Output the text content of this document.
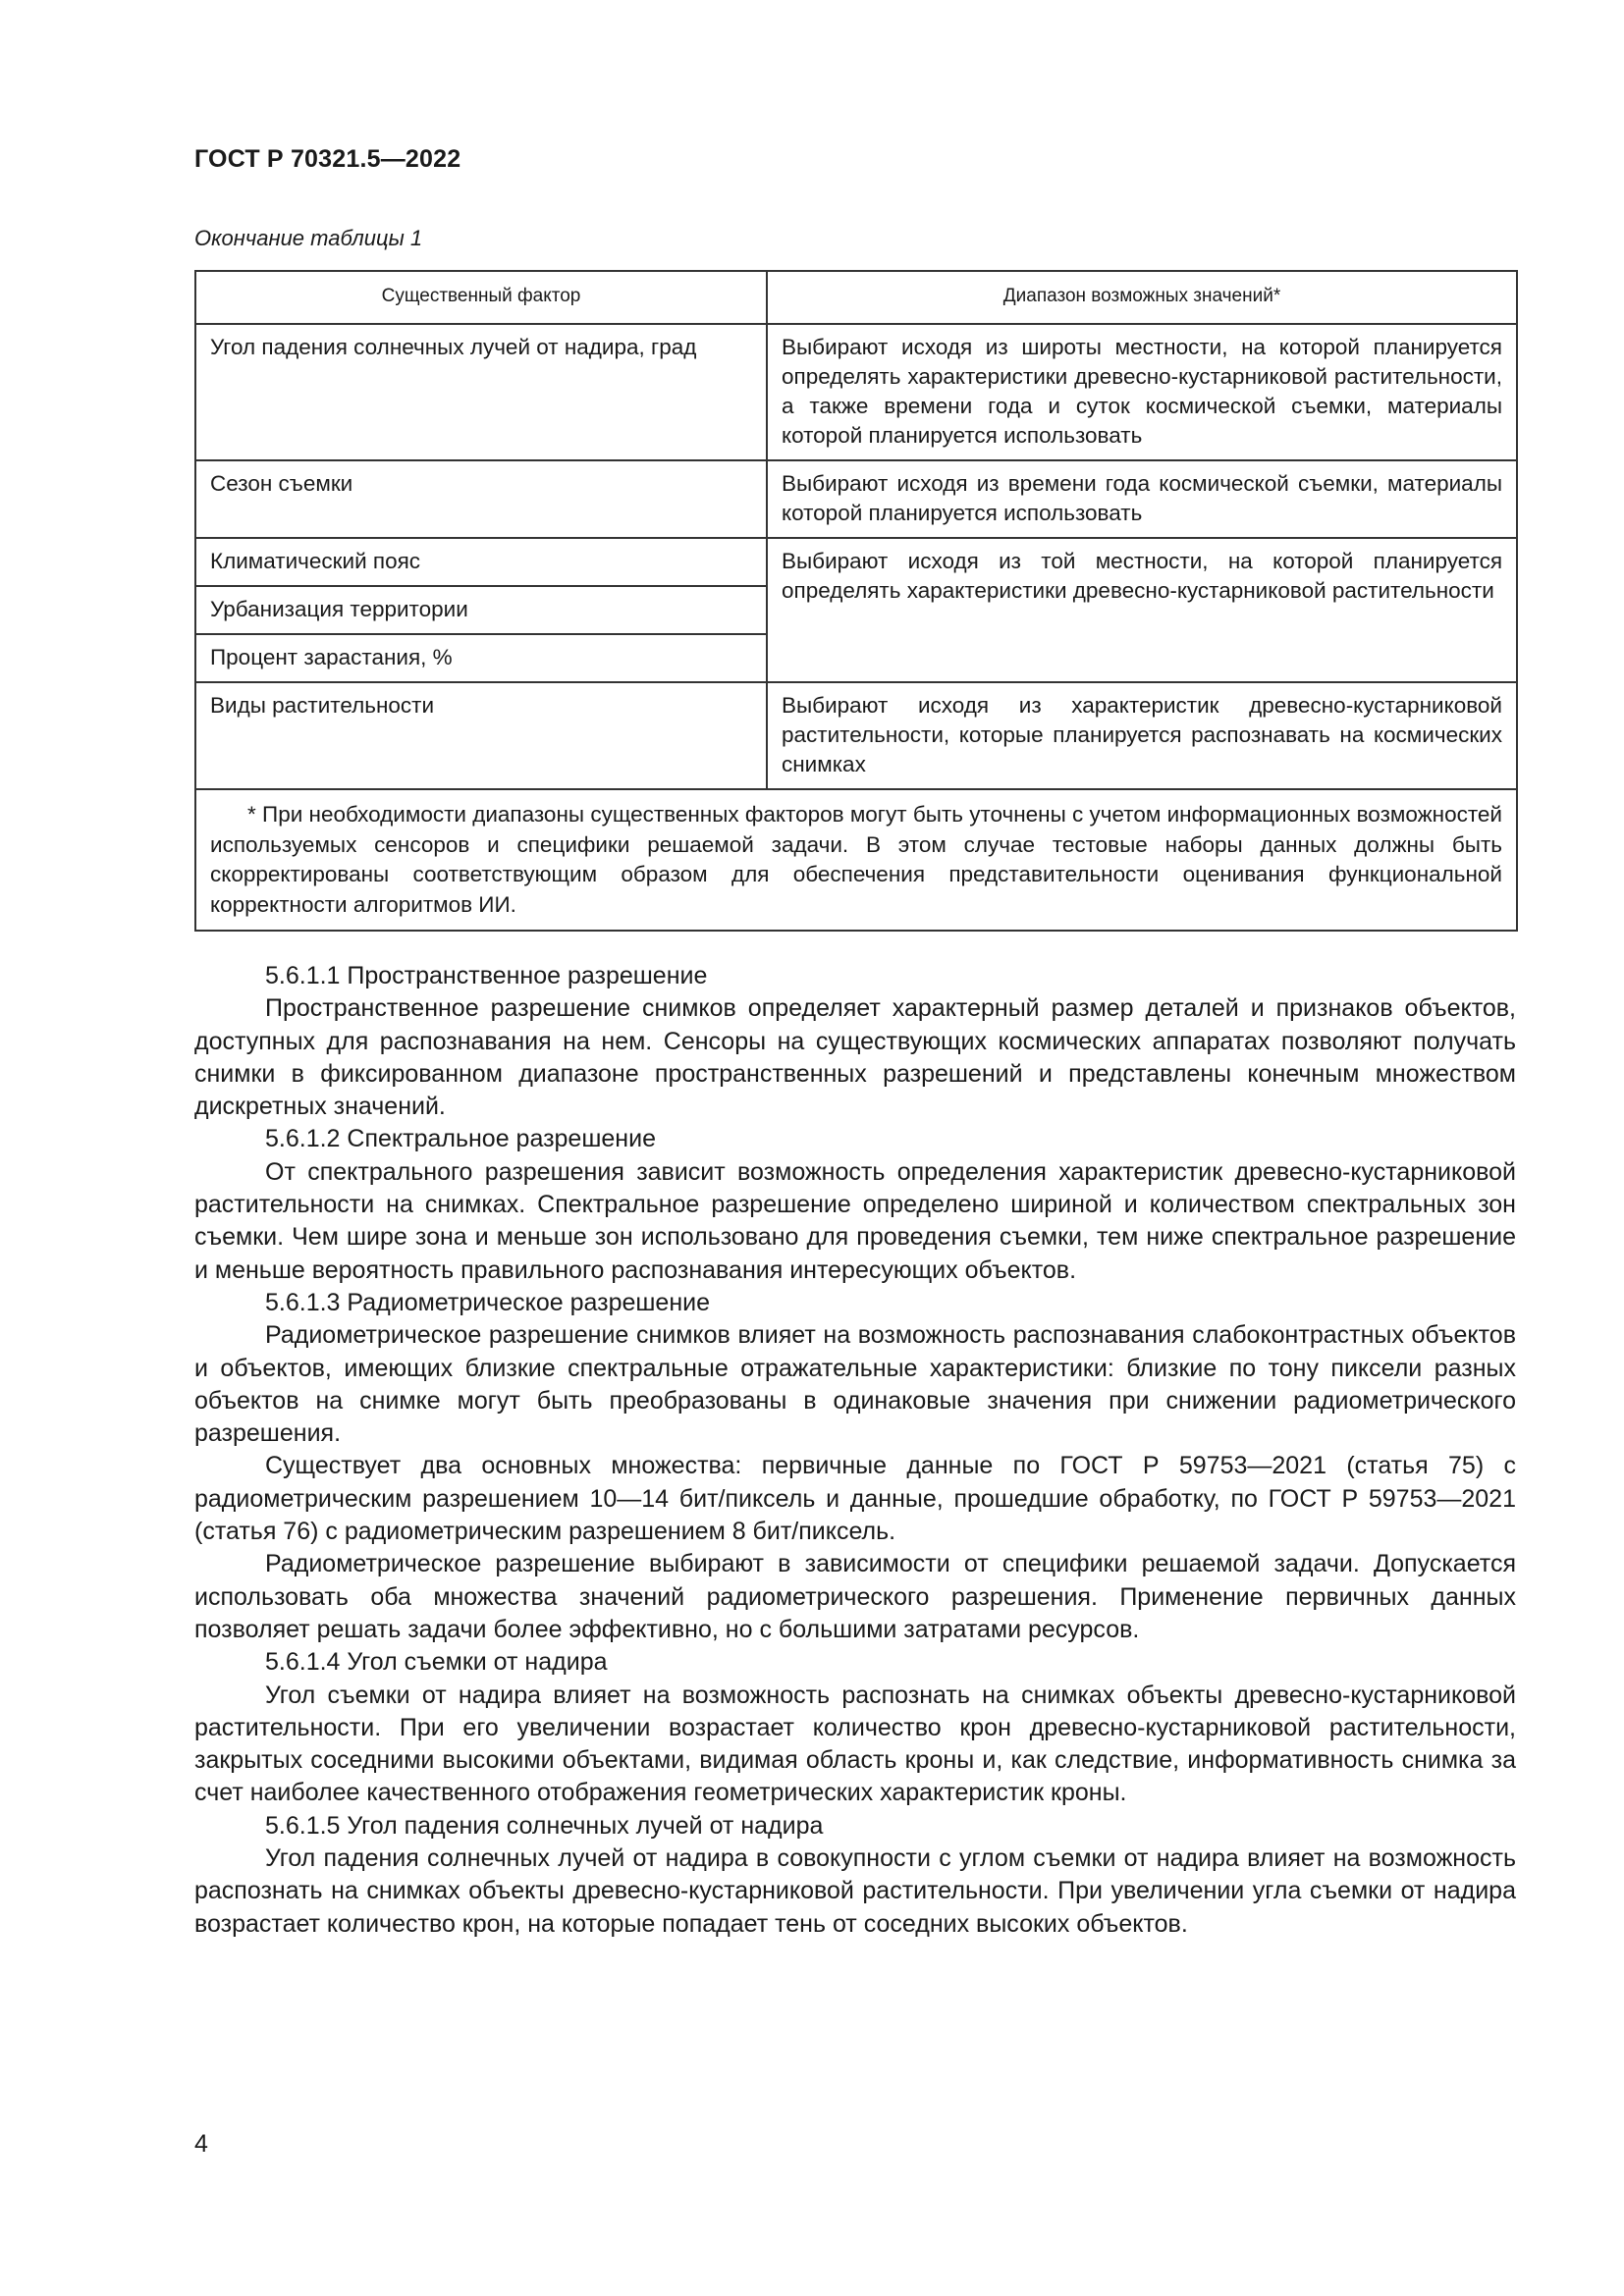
ГОСТ Р 70321.5—2022
Окончание таблицы 1
Существенный фактор	Диапазон возможных значений*
Угол падения солнечных лучей от надира, град	Выбирают исходя из широты местности, на которой планируется определять характеристики древесно-кустарниковой растительности, а также времени года и суток космической съемки, материалы которой планируется использовать
Сезон съемки	Выбирают исходя из времени года космической съемки, материалы которой планируется использовать
Климатический пояс	Выбирают исходя из той местности, на которой планируется определять характеристики древесно-кустарниковой растительности
Урбанизация территории	
Процент зарастания, %	
Виды растительности	Выбирают исходя из характеристик древесно-кустарниковой растительности, которые планируется распознавать на космических снимках
* При необходимости диапазоны существенных факторов могут быть уточнены с учетом информационных возможностей используемых сенсоров и специфики решаемой задачи. В этом случае тестовые наборы данных должны быть скорректированы соответствующим образом для обеспечения представительности оценивания функциональной корректности алгоритмов ИИ.	

5.6.1.1 Пространственное разрешение

Пространственное разрешение снимков определяет характерный размер деталей и признаков объектов, доступных для распознавания на нем. Сенсоры на существующих космических аппаратах позволяют получать снимки в фиксированном диапазоне пространственных разрешений и представлены конечным множеством дискретных значений.

5.6.1.2 Спектральное разрешение

От спектрального разрешения зависит возможность определения характеристик древесно-кустарниковой растительности на снимках. Спектральное разрешение определено шириной и количеством спектральных зон съемки. Чем шире зона и меньше зон использовано для проведения съемки, тем ниже спектральное разрешение и меньше вероятность правильного распознавания интересующих объектов.

5.6.1.3 Радиометрическое разрешение

Радиометрическое разрешение снимков влияет на возможность распознавания слабоконтрастных объектов и объектов, имеющих близкие спектральные отражательные характеристики: близкие по тону пиксели разных объектов на снимке могут быть преобразованы в одинаковые значения при снижении радиометрического разрешения.

Существует два основных множества: первичные данные по ГОСТ Р 59753—2021 (статья 75) с радиометрическим разрешением 10—14 бит/пиксель и данные, прошедшие обработку, по ГОСТ Р 59753—2021 (статья 76) с радиометрическим разрешением 8 бит/пиксель.

Радиометрическое разрешение выбирают в зависимости от специфики решаемой задачи. Допускается использовать оба множества значений радиометрического разрешения. Применение первичных данных позволяет решать задачи более эффективно, но с большими затратами ресурсов.

5.6.1.4 Угол съемки от надира

Угол съемки от надира влияет на возможность распознать на снимках объекты древесно-кустарниковой растительности. При его увеличении возрастает количество крон древесно-кустарниковой растительности, закрытых соседними высокими объектами, видимая область кроны и, как следствие, информативность снимка за счет наиболее качественного отображения геометрических характеристик кроны.

5.6.1.5 Угол падения солнечных лучей от надира

Угол падения солнечных лучей от надира в совокупности с углом съемки от надира влияет на возможность распознать на снимках объекты древесно-кустарниковой растительности. При увеличении угла съемки от надира возрастает количество крон, на которые попадает тень от соседних высоких объектов.

4
